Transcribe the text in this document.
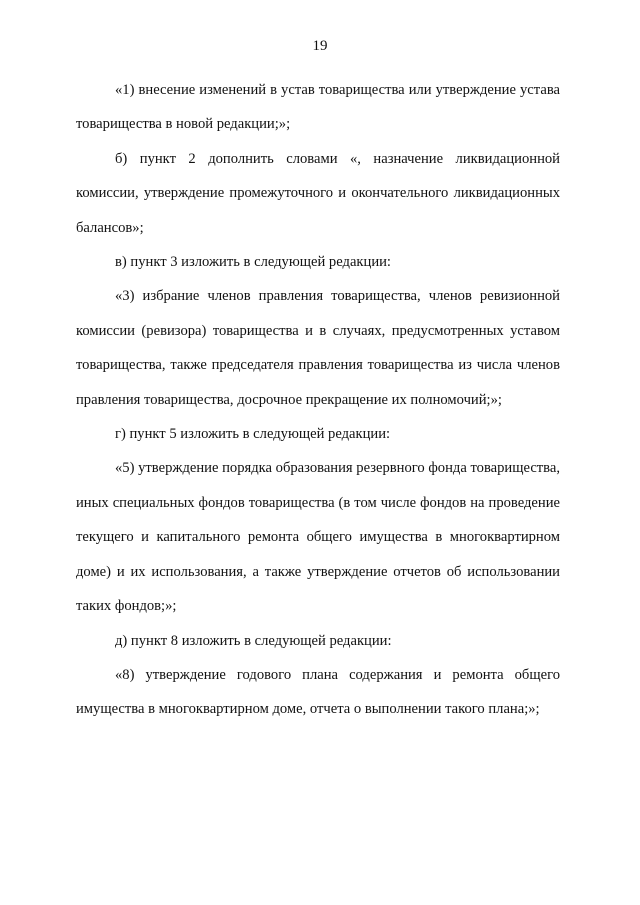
19

«1) внесение изменений в устав товарищества или утверждение устава товарищества в новой редакции;»;

б) пункт 2 дополнить словами «, назначение ликвидационной комиссии, утверждение промежуточного и окончательного ликвидационных балансов»;

в) пункт 3 изложить в следующей редакции:

«3) избрание членов правления товарищества, членов ревизионной комиссии (ревизора) товарищества и в случаях, предусмотренных уставом товарищества, также председателя правления товарищества из числа членов правления товарищества, досрочное прекращение их полномочий;»;

г) пункт 5 изложить в следующей редакции:

«5) утверждение порядка образования резервного фонда товарищества, иных специальных фондов товарищества (в том числе фондов на проведение текущего и капитального ремонта общего имущества в многоквартирном доме) и их использования, а также утверждение отчетов об использовании таких фондов;»;

д) пункт 8 изложить в следующей редакции:

«8) утверждение годового плана содержания и ремонта общего имущества в многоквартирном доме, отчета о выполнении такого плана;»;
